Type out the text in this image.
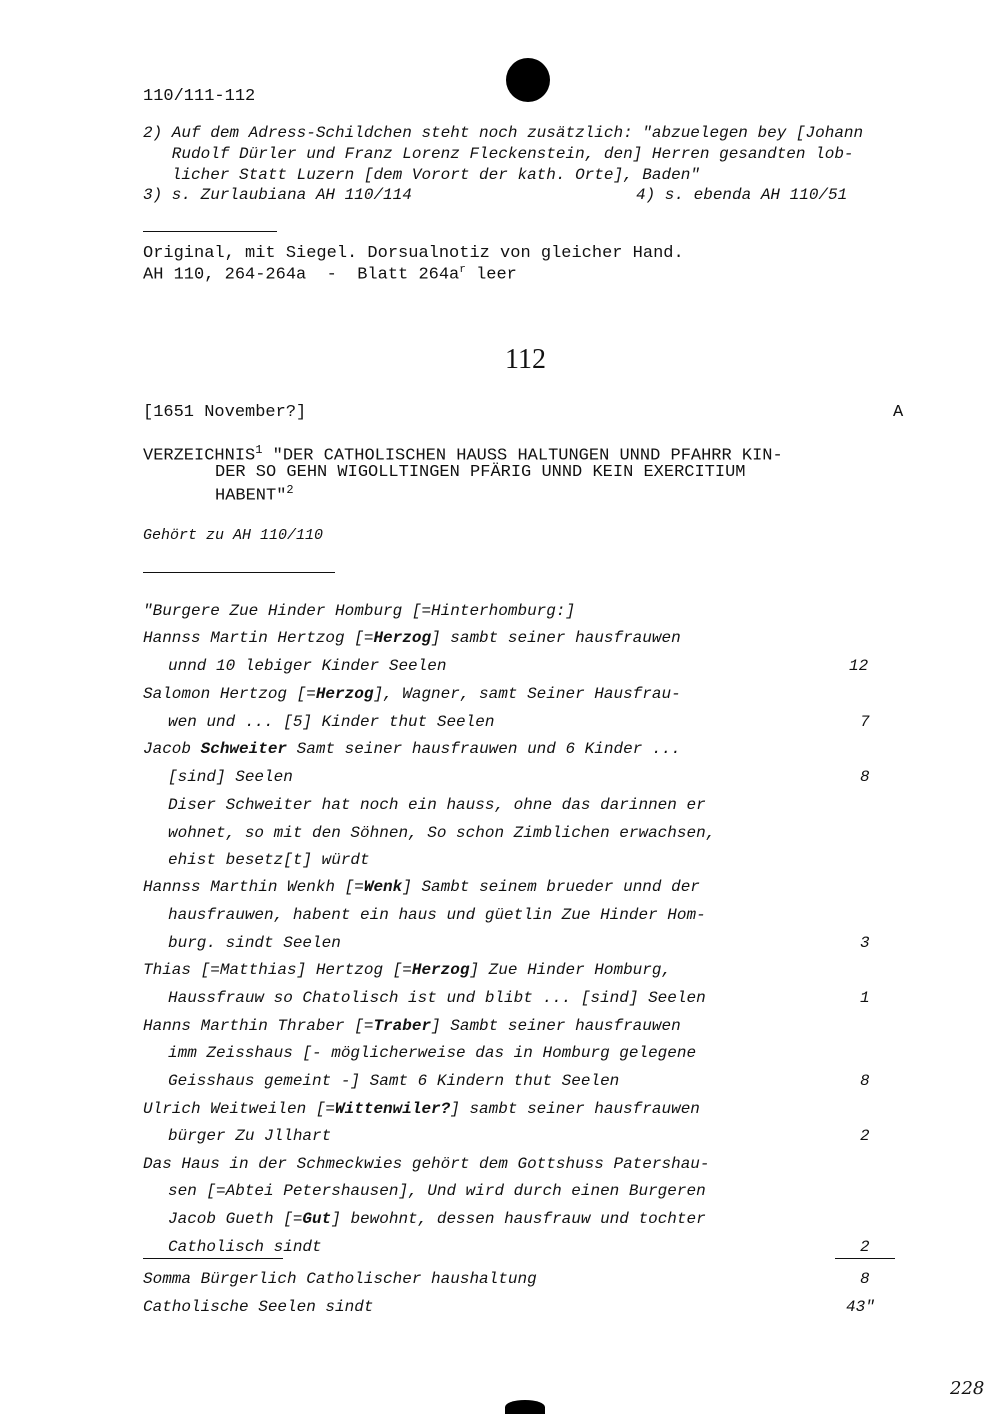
110/111-112
2) Auf dem Adress-Schildchen steht noch zusätzlich: "abzuelegen bey [Johann
Rudolf Dürler und Franz Lorenz Fleckenstein, den] Herren gesandten lob-
licher Statt Luzern [dem Vorort der kath. Orte], Baden"
3) s. Zurlaubiana AH 110/114	4) s. ebenda AH 110/51
Original, mit Siegel. Dorsualnotiz von gleicher Hand.
AH 110, 264-264a  -  Blatt $264a^r$ leer
112
[1651 November?]	A
VERZEICHNIS$^1$ "DER CATHOLISCHEN HAUSS HALTUNGEN UNND PFAHRR KIN-
DER SO GEHN WIGOLLTINGEN PFÄRIG UNND KEIN EXERCITIUM
HABENT"$^2$
Gehört zu AH 110/110
"Burgere Zue Hinder Homburg [=Hinterhomburg:]
Hannss Martin Hertzog [=Herzog] sambt seiner hausfrauwen
unnd 10 lebiger Kinder Seelen	12
Salomon Hertzog [=Herzog], Wagner, samt Seiner Hausfrau-
wen und ... [5] Kinder thut Seelen	7
Jacob Schweiter Samt seiner hausfrauwen und 6 Kinder ...
[sind] Seelen	8
Diser Schweiter hat noch ein hauss, ohne das darinnen er
wohnet, so mit den Söhnen, So schon Zimblichen erwachsen,
ehist besetz[t] würdt
Hannss Marthin Wenkh [=Wenk] Sambt seinem brueder unnd der
hausfrauwen, habent ein haus und güetlin Zue Hinder Hom-
burg. sindt Seelen	3
Thias [=Matthias] Hertzog [=Herzog] Zue Hinder Homburg,
Haussfrauw so Chatolisch ist und blibt ... [sind] Seelen	1
Hanns Marthin Thraber [=Traber] Sambt seiner hausfrauwen
imm Zeisshaus [- möglicherweise das in Homburg gelegene
Geisshaus gemeint -] Samt 6 Kindern thut Seelen	8
Ulrich Weitweilen [=Wittenwiler?] sambt seiner hausfrauwen
bürger Zu Jllhart	2
Das Haus in der Schmeckwies gehört dem Gottshuss Patershau-
sen [=Abtei Petershausen], Und wird durch einen Burgeren
Jacob Gueth [=Gut] bewohnt, dessen hausfrauw und tochter
Catholisch sindt	2
Somma Bürgerlich Catholischer haushaltung	8
Catholische Seelen sindt	43"
228
